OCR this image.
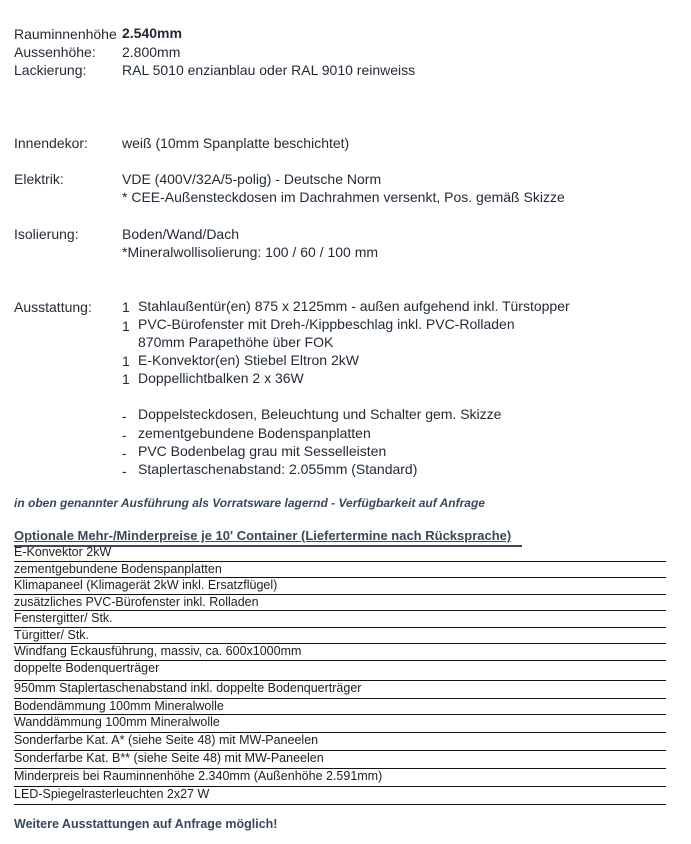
Rauminnenhöhe 2.540mm
Aussenhöhe: 2.800mm
Lackierung:	RAL 5010 enzianblau oder RAL 9010 reinweiss
Innendekor: weiß (10mm Spanplatte beschichtet)
Elektrik:	VDE (400V/32A/5-polig) - Deutsche Norm
* CEE-Außensteckdosen im Dachrahmen versenkt, Pos. gemäß Skizze
Isolierung:	Boden/Wand/Dach
*Mineralwollisolierung: 100 / 60 / 100 mm
Ausstattung: 1 Stahlaußentür(en) 875 x 2125mm - außen aufgehend inkl. Türstopper
1 PVC-Bürofenster mit Dreh-/Kippbeschlag inkl. PVC-Rolladen
870mm Parapethöhe über FOK
1 E-Konvektor(en) Stiebel Eltron 2kW
1 Doppellichtbalken 2 x 36W
- Doppelsteckdosen, Beleuchtung und Schalter gem. Skizze
- zementgebundene Bodenspanplatten
- PVC Bodenbelag grau mit Sesselleisten
- Staplertaschenabstand: 2.055mm (Standard)
in oben genannter Ausführung als Vorratsware lagernd - Verfügbarkeit auf Anfrage
Optionale Mehr-/Minderpreise je 10' Container (Liefertermine nach Rücksprache)
E-Konvektor 2kW
zementgebundene Bodenspanplatten
Klimapaneel (Klimagerät 2kW inkl. Ersatzflügel)
zusätzliches PVC-Bürofenster inkl. Rolladen
Fenstergitter/ Stk.
Türgitter/ Stk.
Windfang Eckausführung, massiv, ca. 600x1000mm
doppelte Bodenquerträger
950mm Staplertaschenabstand inkl. doppelte Bodenquerträger
Bodendämmung 100mm Mineralwolle
Wanddämmung 100mm Mineralwolle
Sonderfarbe Kat. A* (siehe Seite 48) mit MW-Paneelen
Sonderfarbe Kat. B** (siehe Seite 48) mit MW-Paneelen
Minderpreis bei Rauminnenhöhe 2.340mm (Außenhöhe 2.591mm)
LED-Spiegelrasterleuchten 2x27 W
Weitere Ausstattungen auf Anfrage möglich!
